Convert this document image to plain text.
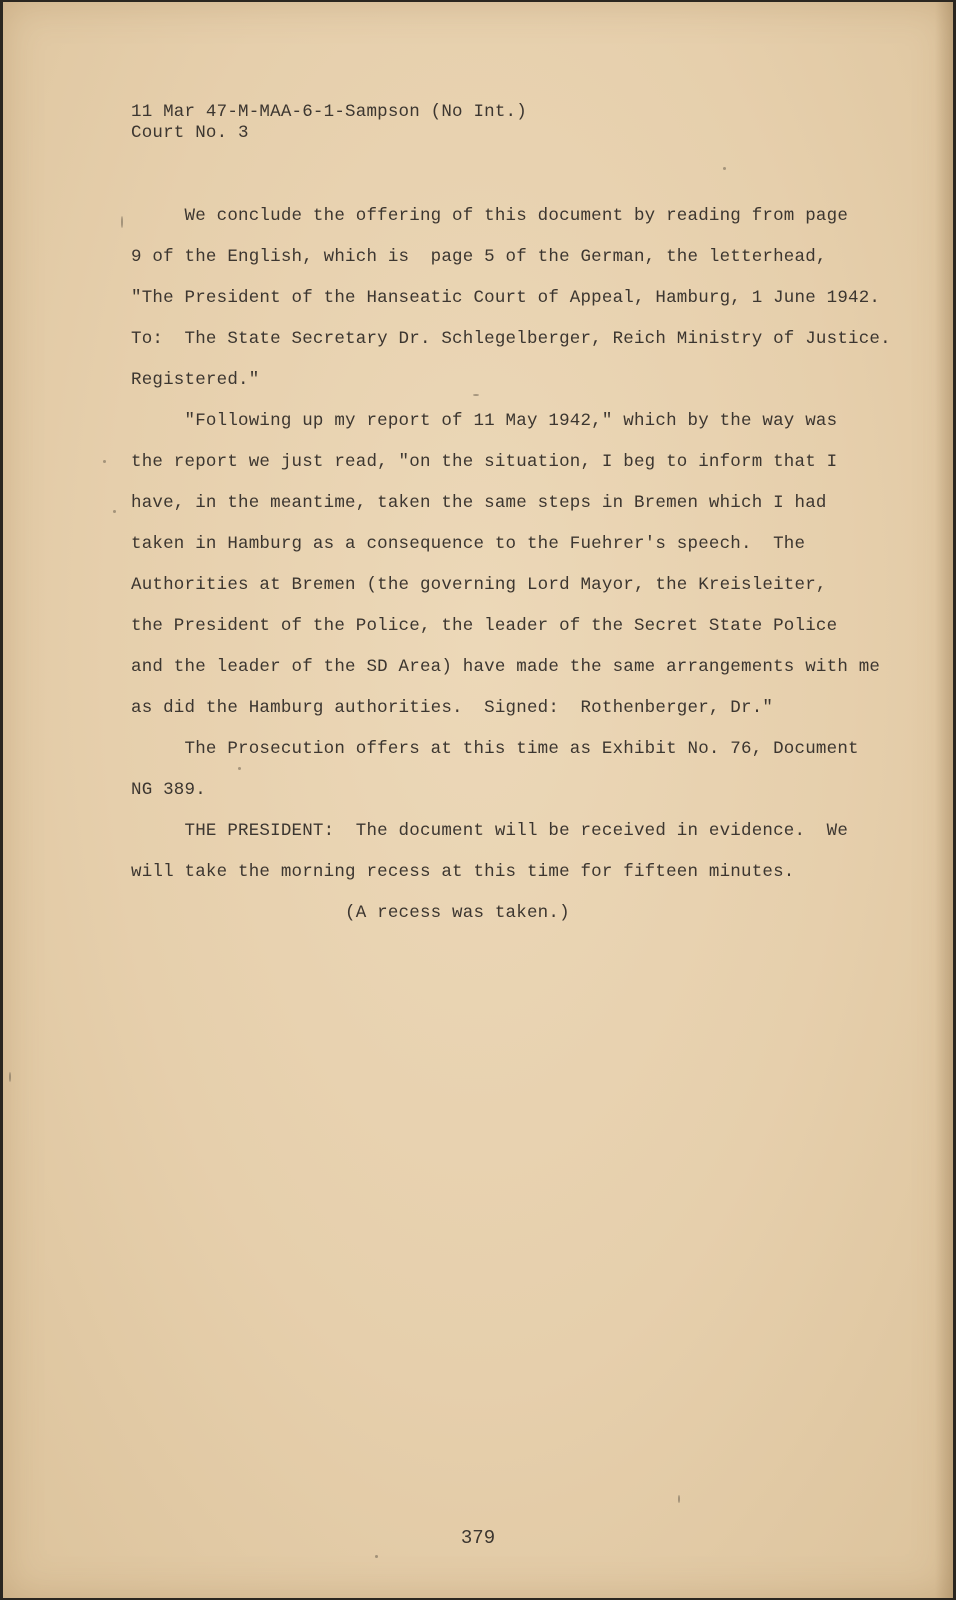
11 Mar 47-M-MAA-6-1-Sampson (No Int.)
Court No. 3
We conclude the offering of this document by reading from page
9 of the English, which is  page 5 of the German, the letterhead,
"The President of the Hanseatic Court of Appeal, Hamburg, 1 June 1942.
To:  The State Secretary Dr. Schlegelberger, Reich Ministry of Justice.
Registered."
"Following up my report of 11 May 1942," which by the way was
the report we just read, "on the situation, I beg to inform that I
have, in the meantime, taken the same steps in Bremen which I had
taken in Hamburg as a consequence to the Fuehrer's speech.  The
Authorities at Bremen (the governing Lord Mayor, the Kreisleiter,
the President of the Police, the leader of the Secret State Police
and the leader of the SD Area) have made the same arrangements with me
as did the Hamburg authorities.  Signed:  Rothenberger, Dr."
The Prosecution offers at this time as Exhibit No. 76, Document
NG 389.
THE PRESIDENT:  The document will be received in evidence.  We
will take the morning recess at this time for fifteen minutes.
(A recess was taken.)
379
